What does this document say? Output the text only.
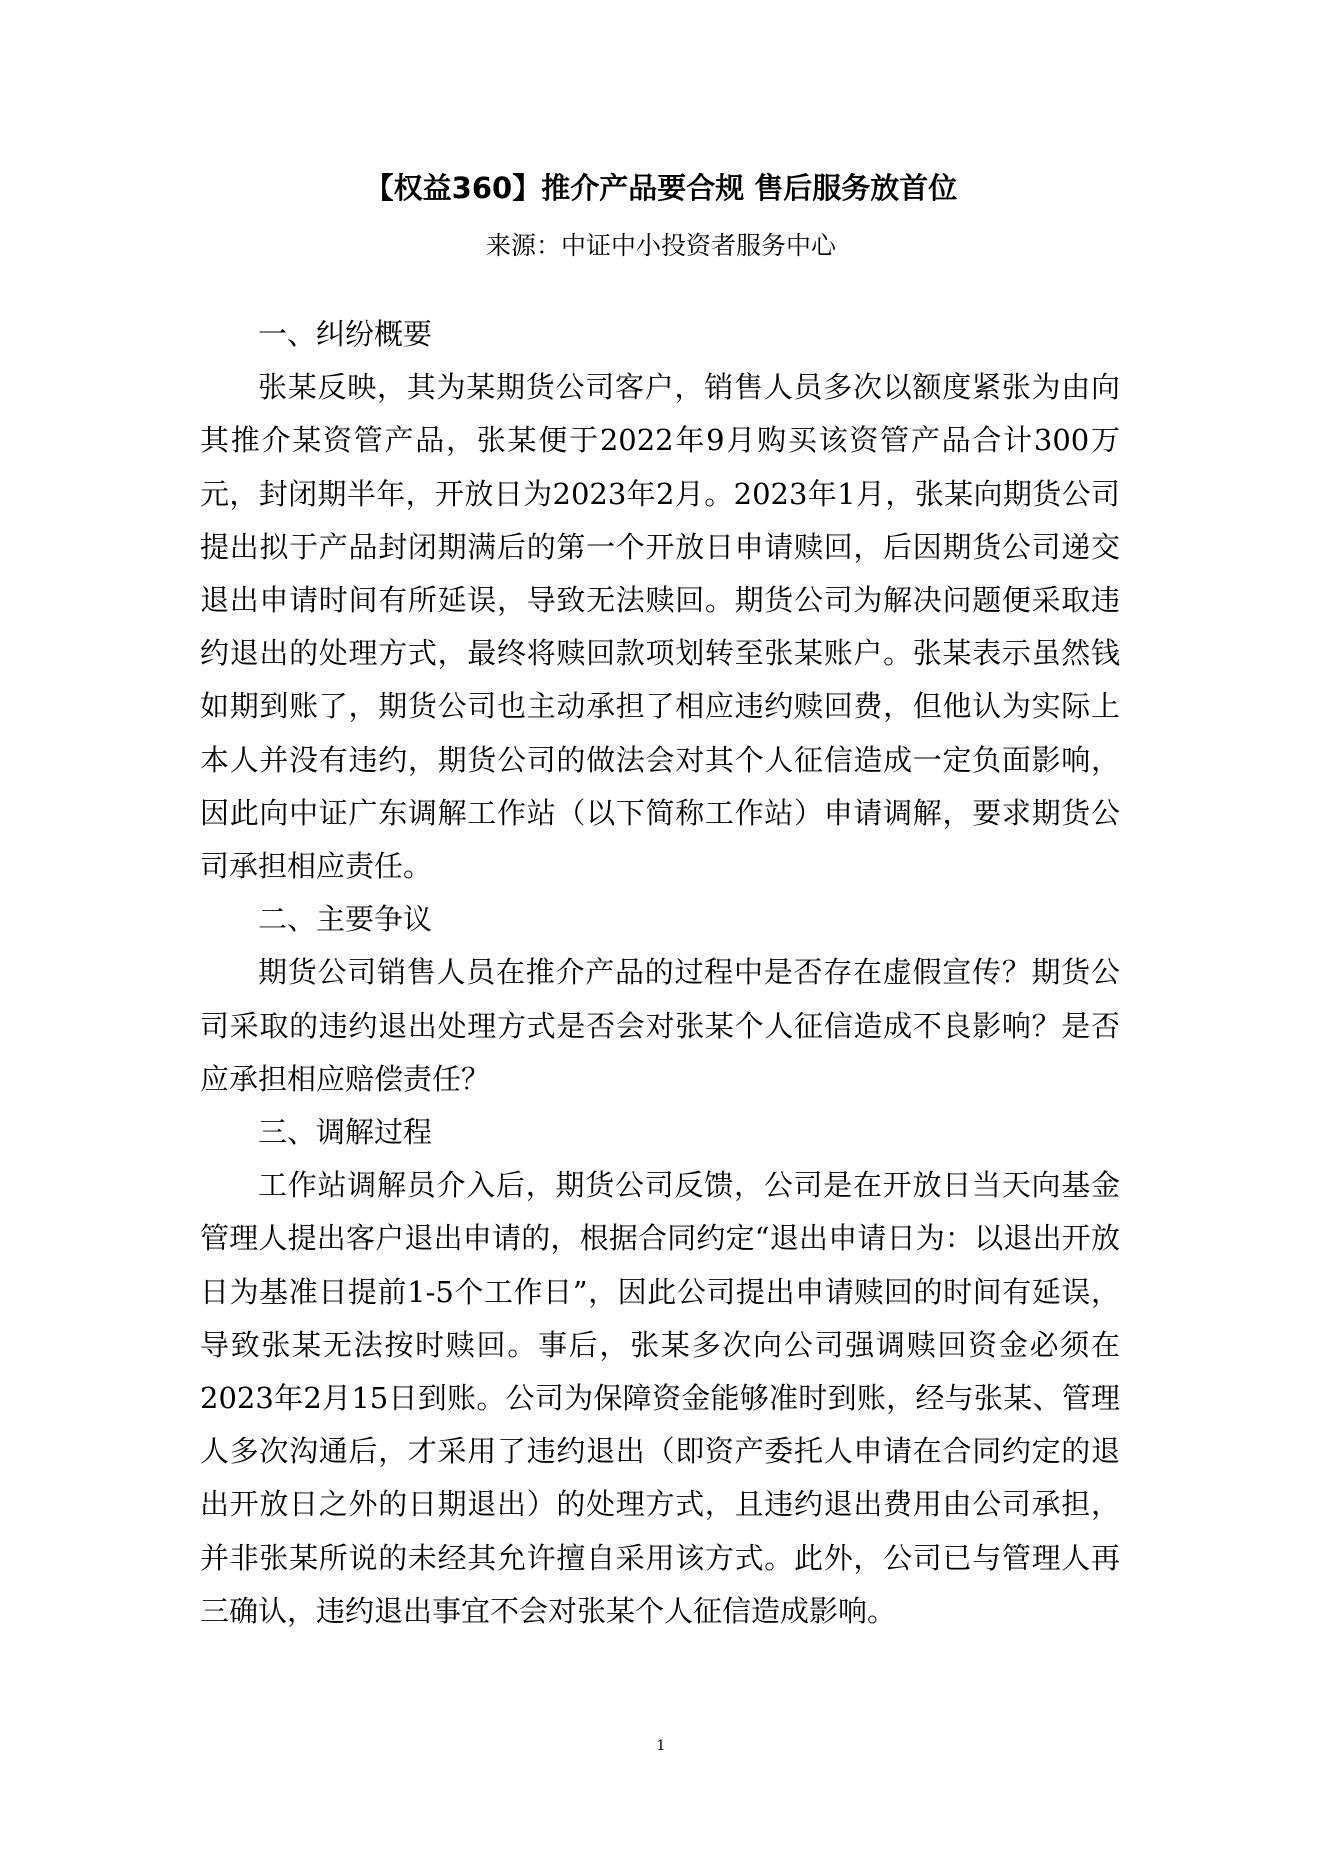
【权益360】推介产品要合规 售后服务放首位

来源：中证中小投资者服务中心

一、纠纷概要

张某反映，其为某期货公司客户，销售人员多次以额度紧张为由向其推介某资管产品，张某便于2022年9月购买该资管产品合计300万元，封闭期半年，开放日为2023年2月。2023年1月，张某向期货公司提出拟于产品封闭期满后的第一个开放日申请赎回，后因期货公司递交退出申请时间有所延误，导致无法赎回。期货公司为解决问题便采取违约退出的处理方式，最终将赎回款项划转至张某账户。张某表示虽然钱如期到账了，期货公司也主动承担了相应违约赎回费，但他认为实际上本人并没有违约，期货公司的做法会对其个人征信造成一定负面影响，因此向中证广东调解工作站（以下简称工作站）申请调解，要求期货公司承担相应责任。

二、主要争议

期货公司销售人员在推介产品的过程中是否存在虚假宣传？期货公司采取的违约退出处理方式是否会对张某个人征信造成不良影响？是否应承担相应赔偿责任？

三、调解过程

工作站调解员介入后，期货公司反馈，公司是在开放日当天向基金管理人提出客户退出申请的，根据合同约定“退出申请日为：以退出开放日为基准日提前1-5个工作日”，因此公司提出申请赎回的时间有延误，导致张某无法按时赎回。事后，张某多次向公司强调赎回资金必须在2023年2月15日到账。公司为保障资金能够准时到账，经与张某、管理人多次沟通后，才采用了违约退出（即资产委托人申请在合同约定的退出开放日之外的日期退出）的处理方式，且违约退出费用由公司承担，并非张某所说的未经其允许擅自采用该方式。此外，公司已与管理人再三确认，违约退出事宜不会对张某个人征信造成影响。

1
